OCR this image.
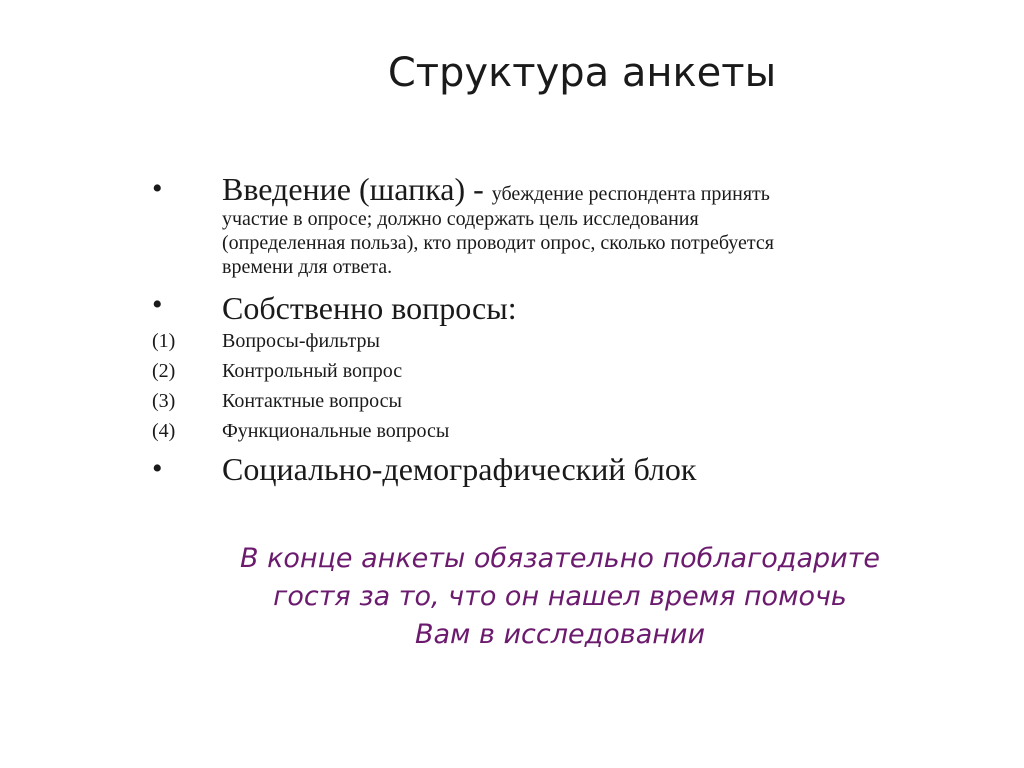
Структура анкеты
• Введение (шапка) - убеждение респондента принять
участие в опросе; должно содержать цель исследования
(определенная польза), кто проводит опрос, сколько потребуется
времени для ответа.
• Собственно вопросы:
(1) Вопросы-фильтры
(2) Контрольный вопрос
(3) Контактные вопросы
(4) Функциональные вопросы
• Социально-демографический блок
В конце анкеты обязательно поблагодарите
гостя за то, что он нашел время помочь
Вам в исследовании
